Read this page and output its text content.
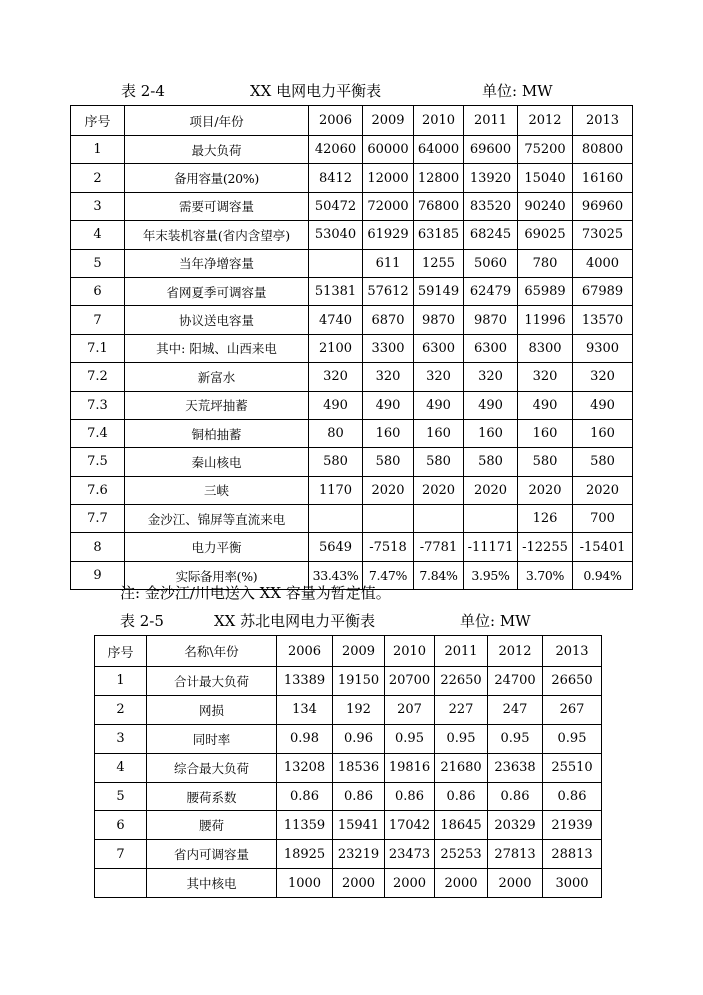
表 2-4	XX 电网电力平衡表	单位: MW
序号	项目/年份	2006	2009	2010	2011	2012	2013
1	最大负荷	42060	60000	64000	69600	75200	80800
2	备用容量(20%)	8412	12000	12800	13920	15040	16160
3	需要可调容量	50472	72000	76800	83520	90240	96960
4	年末装机容量(省内含望亭)	53040	61929	63185	68245	69025	73025
5	当年净增容量		611	1255	5060	780	4000
6	省网夏季可调容量	51381	57612	59149	62479	65989	67989
7	协议送电容量	4740	6870	9870	9870	11996	13570
7.1	其中: 阳城、山西来电	2100	3300	6300	6300	8300	9300
7.2	新富水	320	320	320	320	320	320
7.3	天荒坪抽蓄	490	490	490	490	490	490
7.4	铜柏抽蓄	80	160	160	160	160	160
7.5	秦山核电	580	580	580	580	580	580
7.6	三峡	1170	2020	2020	2020	2020	2020
7.7	金沙江、锦屏等直流来电					126	700
8	电力平衡	5649	-7518	-7781	-11171	-12255	-15401
9	实际备用率(%)	33.43%	7.47%	7.84%	3.95%	3.70%	0.94%
注: 金沙江/川电送入 XX 容量为暂定值。
表 2-5	XX 苏北电网电力平衡表	单位: MW
序号	名称\年份	2006	2009	2010	2011	2012	2013
1	合计最大负荷	13389	19150	20700	22650	24700	26650
2	网损	134	192	207	227	247	267
3	同时率	0.98	0.96	0.95	0.95	0.95	0.95
4	综合最大负荷	13208	18536	19816	21680	23638	25510
5	腰荷系数	0.86	0.86	0.86	0.86	0.86	0.86
6	腰荷	11359	15941	17042	18645	20329	21939
7	省内可调容量	18925	23219	23473	25253	27813	28813
	其中核电	1000	2000	2000	2000	2000	3000
